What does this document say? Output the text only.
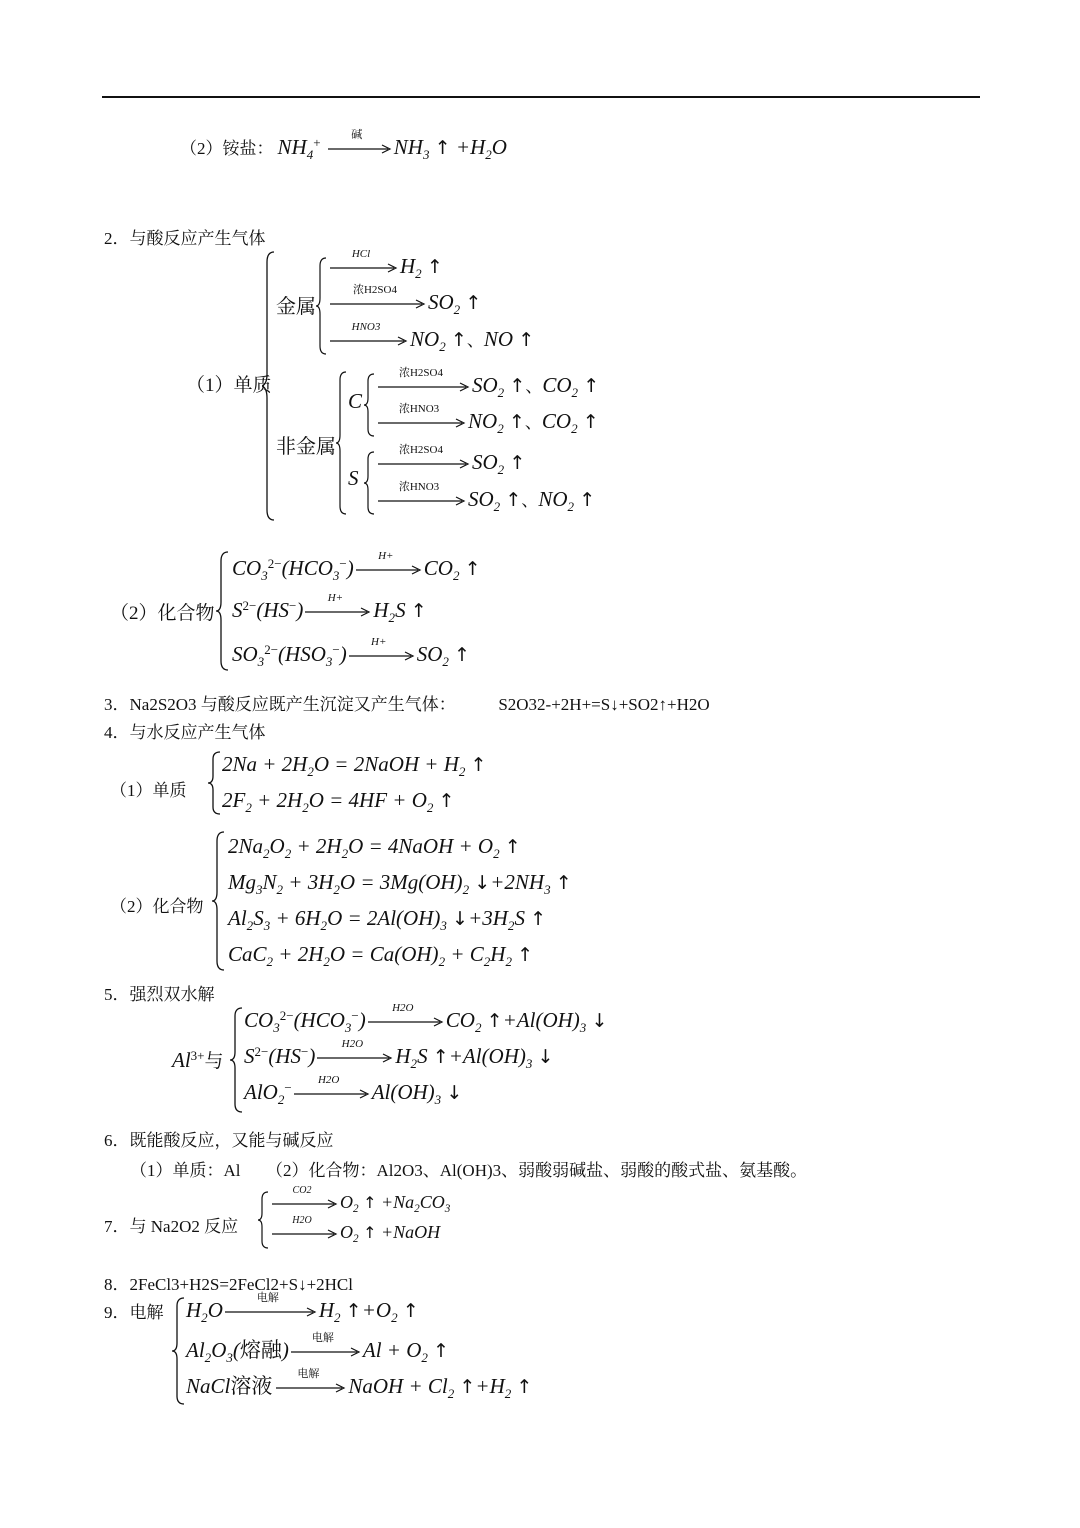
（2）铵盐： $NH_4^+$	碱	$NH_3$ ↑ $+H_2O$
2．与酸反应产生气体
（1）单质
金属
HCl	$H_2$ ↑
浓H2SO4	$SO_2$ ↑
HNO3	$NO_2$ ↑、NO ↑
非金属
C
浓H2SO4	$SO_2$ ↑、$CO_2$ ↑
浓HNO3	$NO_2$ ↑、$CO_2$ ↑
S
浓H2SO4	$SO_2$ ↑
浓HNO3	$SO_2$ ↑、$NO_2$ ↑
（2）化合物
$CO_3^{2-}(HCO_3^-)$	H+	$CO_2$ ↑
$S^{2-}(HS^-)$	H+	$H_2S$ ↑
$SO_3^{2-}(HSO_3^-)$	H+	$SO_2$ ↑
3．Na2S2O3 与酸反应既产生沉淀又产生气体：	S2O32-+2H+=S↓+SO2↑+H2O
4．与水反应产生气体
（1）单质
$2Na + 2H_2O$ = 2NaOH + $H_2$ ↑
$2F_2 + 2H_2O = 4HF + O_2$ ↑
（2）化合物
$2Na_2O_2 + 2H_2O$ = 4NaOH + $O_2$ ↑
$Mg_3N_2 + 3H_2O = 3Mg(OH)_2$ $↓+2NH_3$ ↑
$Al_2S_3 + 6H_2O = 2Al(OH)_3$ $↓+3H_2S$ ↑
$CaC_2 + 2H_2O = Ca(OH)_2 + C_2H_2$ ↑
5．强烈双水解
$Al^{3+}$与
$CO_3^{2-}(HCO_3^-)$	H2O	$CO_2$ $↑+Al(OH)_3$ ↓
$S^{2-}(HS^-)$	H2O	$H_2S$ $↑+Al(OH)_3$ ↓
AlO$_2$−	H2O	$Al(OH)_3$ ↓
6．既能酸反应，又能与碱反应
（1）单质：Al　　（2）化合物：Al2O3、Al(OH)3、弱酸弱碱盐、弱酸的酸式盐、氨基酸。
7．与 Na2O2 反应
CO2
$O_2$ ↑ $+Na_2CO_3$
H2O
$O_2$ ↑ +NaOH
8．2FeCl3+H2S=2FeCl2+S↓+2HCl
9．电解 $H_2O$	电解	$H_2$ $↑+O_2$ ↑
$Al_2O_3$(熔融)	电解	$Al + O_2$ ↑
NaCl溶液	电解	NaOH + $Cl_2$ $↑+H_2$ ↑
